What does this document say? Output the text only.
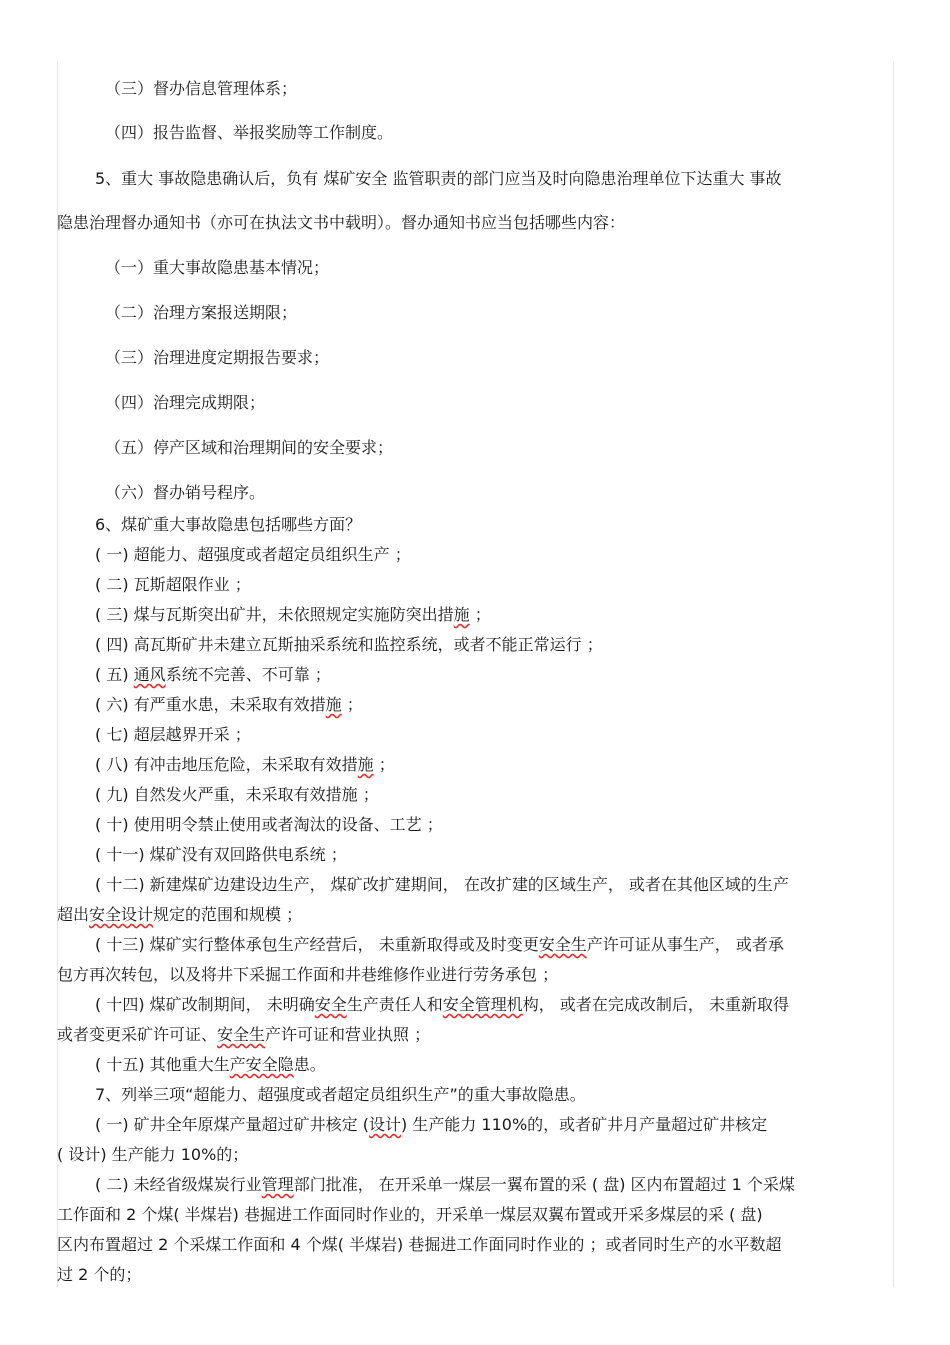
（三）督办信息管理体系；
（四）报告监督、举报奖励等工作制度。
5、重大 事故隐患确认后，负有 煤矿安全 监管职责的部门应当及时向隐患治理单位下达重大 事故
隐患治理督办通知书（亦可在执法文书中载明）。督办通知书应当包括哪些内容：
（一）重大事故隐患基本情况；
（二）治理方案报送期限；
（三）治理进度定期报告要求；
（四）治理完成期限；
（五）停产区域和治理期间的安全要求；
（六）督办销号程序。
6、煤矿重大事故隐患包括哪些方面？
( 一) 超能力、超强度或者超定员组织生产 ；
( 二) 瓦斯超限作业 ；
( 三) 煤与瓦斯突出矿井，未依照规定实施防突出措施 ；
( 四) 高瓦斯矿井未建立瓦斯抽采系统和监控系统，或者不能正常运行 ；
( 五) 通风系统不完善、不可靠 ；
( 六) 有严重水患，未采取有效措施 ；
( 七) 超层越界开采 ；
( 八) 有冲击地压危险，未采取有效措施 ；
( 九) 自然发火严重，未采取有效措施 ；
( 十) 使用明令禁止使用或者淘汰的设备、工艺 ；
( 十一) 煤矿没有双回路供电系统 ；
( 十二) 新建煤矿边建设边生产， 煤矿改扩建期间， 在改扩建的区域生产， 或者在其他区域的生产
超出安全设计规定的范围和规模 ；
( 十三) 煤矿实行整体承包生产经营后， 未重新取得或及时变更安全生产许可证从事生产， 或者承
包方再次转包，以及将井下采掘工作面和井巷维修作业进行劳务承包 ；
( 十四) 煤矿改制期间， 未明确安全生产责任人和安全管理机构， 或者在完成改制后， 未重新取得
或者变更采矿许可证、安全生产许可证和营业执照 ；
( 十五) 其他重大生产安全隐患。
7、列举三项“超能力、超强度或者超定员组织生产”的重大事故隐患。
( 一) 矿井全年原煤产量超过矿井核定 (设计) 生产能力 110%的，或者矿井月产量超过矿井核定
( 设计) 生产能力 10%的；
( 二) 未经省级煤炭行业管理部门批准， 在开采单一煤层一翼布置的采 ( 盘) 区内布置超过 1 个采煤
工作面和 2 个煤( 半煤岩) 巷掘进工作面同时作业的，开采单一煤层双翼布置或开采多煤层的采 ( 盘)
区内布置超过 2 个采煤工作面和 4 个煤( 半煤岩) 巷掘进工作面同时作业的 ；或者同时生产的水平数超
过 2 个的；
